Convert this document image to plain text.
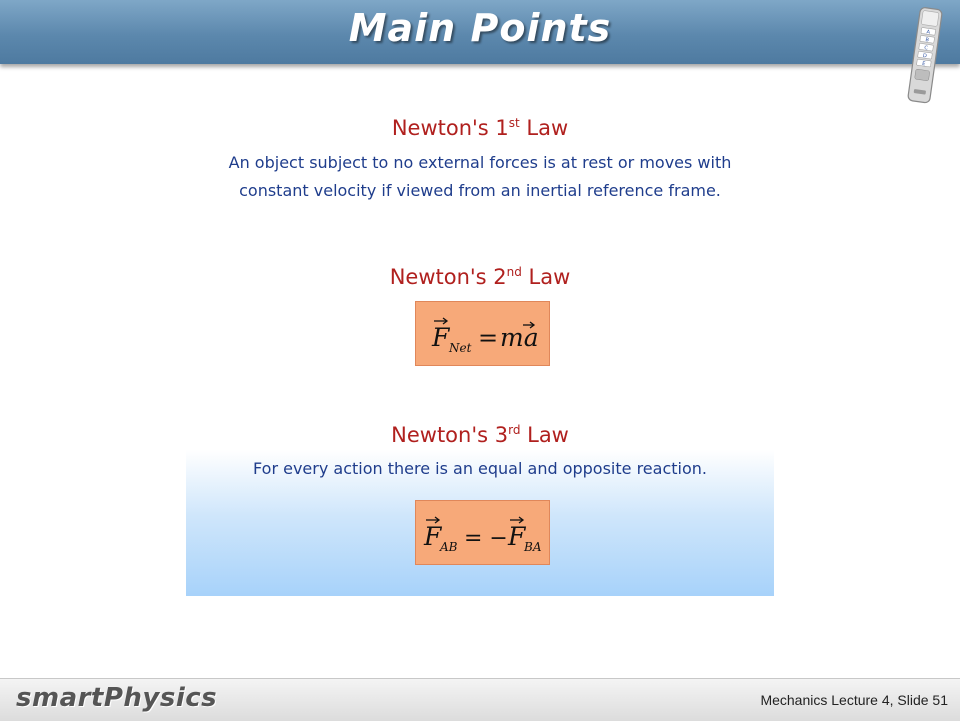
Main Points	A
B
C
D
E
Newton's 1st Law
An object subject to no external forces is at rest or moves with
constant velocity if viewed from an inertial reference frame.
Newton's 2nd Law
F Net = ma
Newton's 3rd Law
For every action there is an equal and opposite reaction.
F
AB = − F
BA
smartPhysics	Mechanics Lecture 4, Slide 51
